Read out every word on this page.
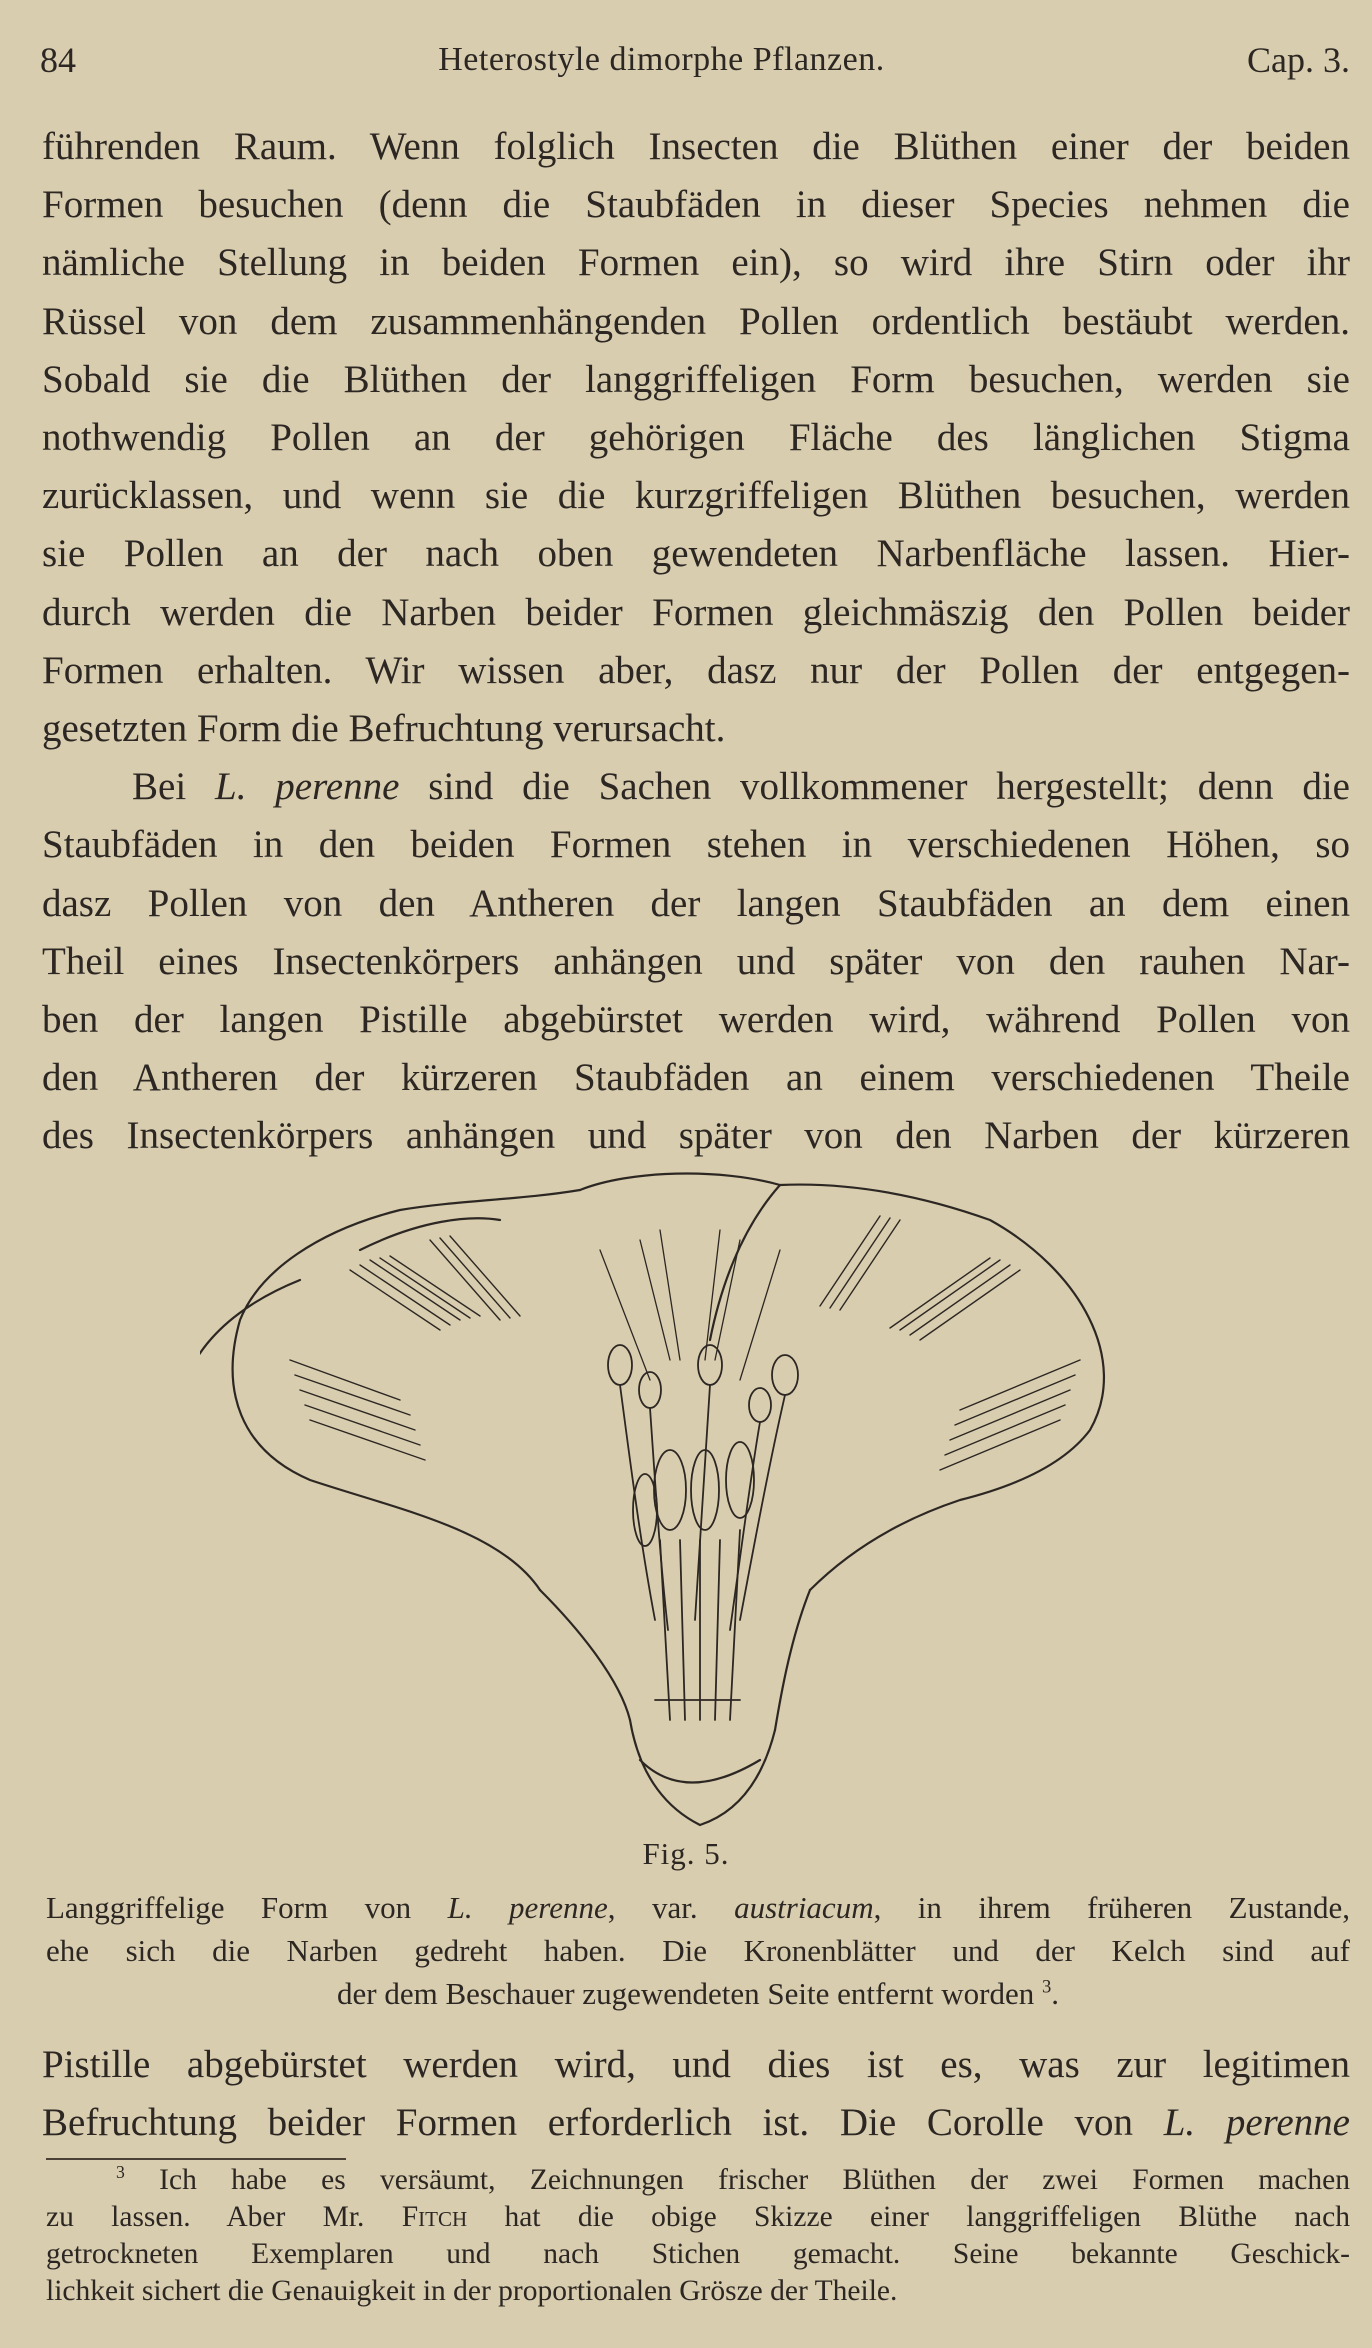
84	Heterostyle dimorphe Pflanzen.	Cap. 3.

führenden Raum. Wenn folglich Insecten die Blüthen einer der beiden

Formen besuchen (denn die Staubfäden in dieser Species nehmen die

nämliche Stellung in beiden Formen ein), so wird ihre Stirn oder ihr

Rüssel von dem zusammenhängenden Pollen ordentlich bestäubt werden.

Sobald sie die Blüthen der langgriffeligen Form besuchen, werden sie

nothwendig Pollen an der gehörigen Fläche des länglichen Stigma

zurücklassen, und wenn sie die kurzgriffeligen Blüthen besuchen, werden

sie Pollen an der nach oben gewendeten Narbenfläche lassen. Hier-

durch werden die Narben beider Formen gleichmäszig den Pollen beider

Formen erhalten. Wir wissen aber, dasz nur der Pollen der entgegen-

gesetzten Form die Befruchtung verursacht.

Bei L. perenne sind die Sachen vollkommener hergestellt; denn die

Staubfäden in den beiden Formen stehen in verschiedenen Höhen, so

dasz Pollen von den Antheren der langen Staubfäden an dem einen

Theil eines Insectenkörpers anhängen und später von den rauhen Nar-

ben der langen Pistille abgebürstet werden wird, während Pollen von

den Antheren der kürzeren Staubfäden an einem verschiedenen Theile

des Insectenkörpers anhängen und später von den Narben der kürzeren

Fig. 5.
Langgriffelige Form von L. perenne, var. austriacum, in ihrem früheren Zustande,
ehe sich die Narben gedreht haben. Die Kronenblätter und der Kelch sind auf
der dem Beschauer zugewendeten Seite entfernt worden $^3$.

Pistille abgebürstet werden wird, und dies ist es, was zur legitimen

Befruchtung beider Formen erforderlich ist. Die Corolle von L. perenne

$^3$ Ich habe es versäumt, Zeichnungen frischer Blüthen der zwei Formen machen
zu lassen. Aber Mr. Fitch hat die obige Skizze einer langgriffeligen Blüthe nach
getrockneten Exemplaren und nach Stichen gemacht. Seine bekannte Geschick-
lichkeit sichert die Genauigkeit in der proportionalen Grösze der Theile.
